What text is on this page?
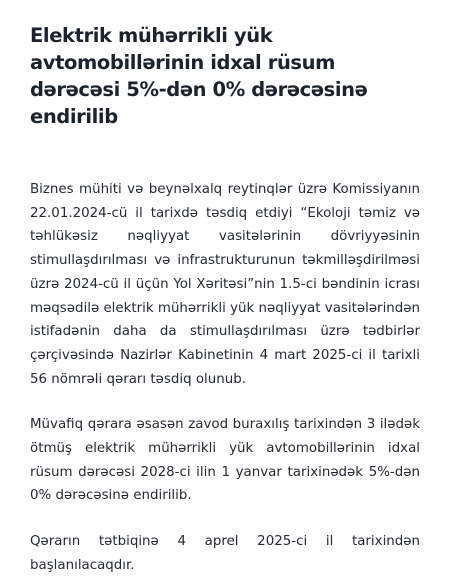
Elektrik mühərrikli yük avtomobillərinin idxal rüsum dərəcəsi 5%-dən 0% dərəcəsinə endirilib

Biznes mühiti və beynəlxalq reytinqlər üzrə Komissiyanın 22.01.2024-cü il tarixdə təsdiq etdiyi “Ekoloji təmiz və təhlükəsiz nəqliyyat vasitələrinin dövriyyəsinin stimullaşdırılması və infrastrukturunun təkmilləşdirilməsi üzrə 2024-cü il üçün Yol Xəritəsi”nin 1.5-ci bəndinin icrası məqsədilə elektrik mühərrikli yük nəqliyyat vasitələrindən istifadənin daha da stimullaşdırılması üzrə tədbirlər çərçivəsində Nazirlər Kabinetinin 4 mart 2025-ci il tarixli 56 nömrəli qərarı təsdiq olunub.

Müvafiq qərara əsasən zavod buraxılış tarixindən 3 ilədək ötmüş elektrik mühərrikli yük avtomobillərinin idxal rüsum dərəcəsi 2028-ci ilin 1 yanvar tarixinədək 5%-dən 0% dərəcəsinə endirilib.

Qərarın tətbiqinə 4 aprel 2025-ci il tarixindən başlanılacaqdır.
